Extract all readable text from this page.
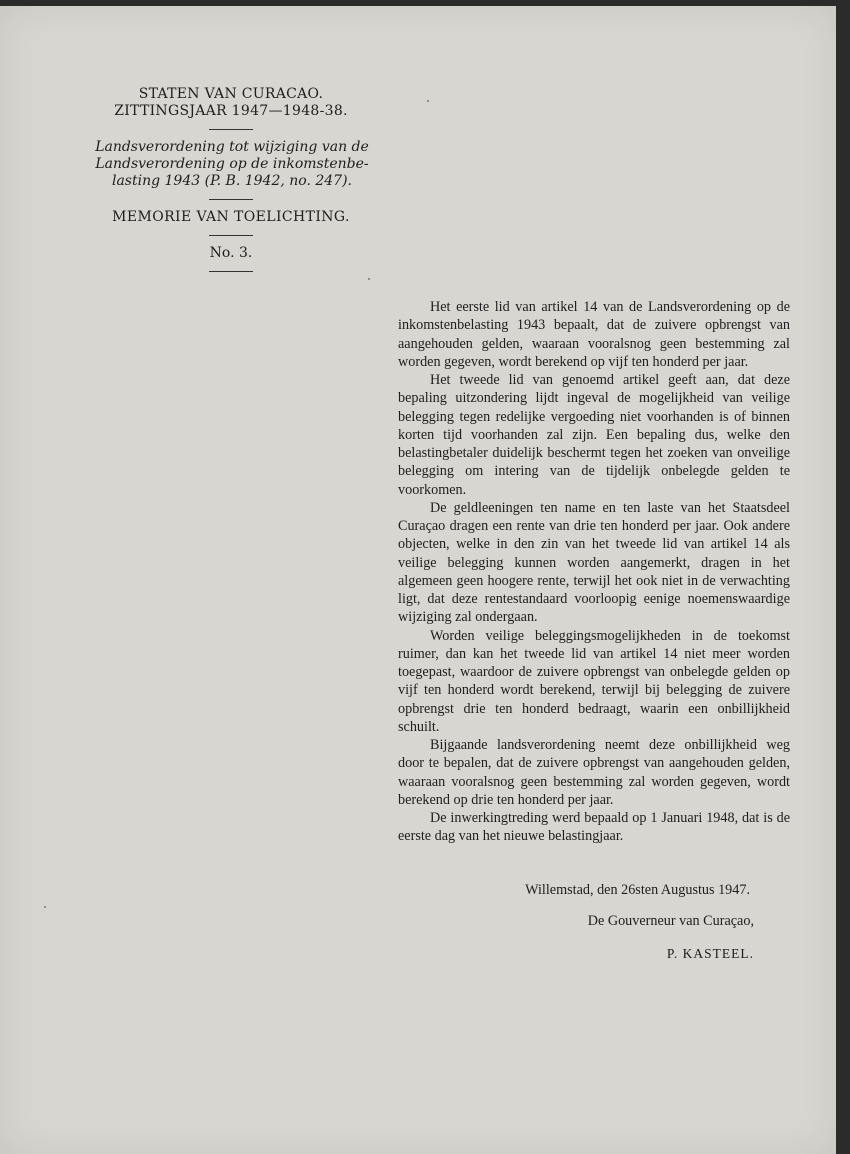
STATEN VAN CURACAO.
ZITTINGSJAAR 1947—1948-38.
Landsverordening tot wijziging van de
Landsverordening op de inkomstenbe-
lasting 1943 (P. B. 1942, no. 247).
MEMORIE VAN TOELICHTING.
No. 3.

Het eerste lid van artikel 14 van de Landsverordening op de inkomstenbelasting 1943 bepaalt, dat de zuivere opbrengst van aangehouden gelden, waaraan vooralsnog geen bestemming zal worden gegeven, wordt berekend op vijf ten honderd per jaar.

Het tweede lid van genoemd artikel geeft aan, dat deze bepaling uitzondering lijdt ingeval de mogelijkheid van veilige belegging tegen redelijke vergoeding niet voorhanden is of binnen korten tijd voorhanden zal zijn. Een bepaling dus, welke den belastingbetaler duidelijk beschermt tegen het zoeken van onveilige belegging om intering van de tijdelijk onbelegde gelden te voorkomen.

De geldleeningen ten name en ten laste van het Staatsdeel Curaçao dragen een rente van drie ten honderd per jaar. Ook andere objecten, welke in den zin van het tweede lid van artikel 14 als veilige belegging kunnen worden aangemerkt, dragen in het algemeen geen hoogere rente, terwijl het ook niet in de verwachting ligt, dat deze rentestandaard voorloopig eenige noemenswaardige wijziging zal ondergaan.

Worden veilige beleggingsmogelijkheden in de toekomst ruimer, dan kan het tweede lid van artikel 14 niet meer worden toegepast, waardoor de zuivere opbrengst van onbelegde gelden op vijf ten honderd wordt berekend, terwijl bij belegging de zuivere opbrengst drie ten honderd bedraagt, waarin een onbillijkheid schuilt.

Bijgaande landsverordening neemt deze onbillijkheid weg door te bepalen, dat de zuivere opbrengst van aangehouden gelden, waaraan vooralsnog geen bestemming zal worden gegeven, wordt berekend op drie ten honderd per jaar.

De inwerkingtreding werd bepaald op 1 Januari 1948, dat is de eerste dag van het nieuwe belastingjaar.

Willemstad, den 26sten Augustus 1947.
De Gouverneur van Curaçao,
P. KASTEEL.
